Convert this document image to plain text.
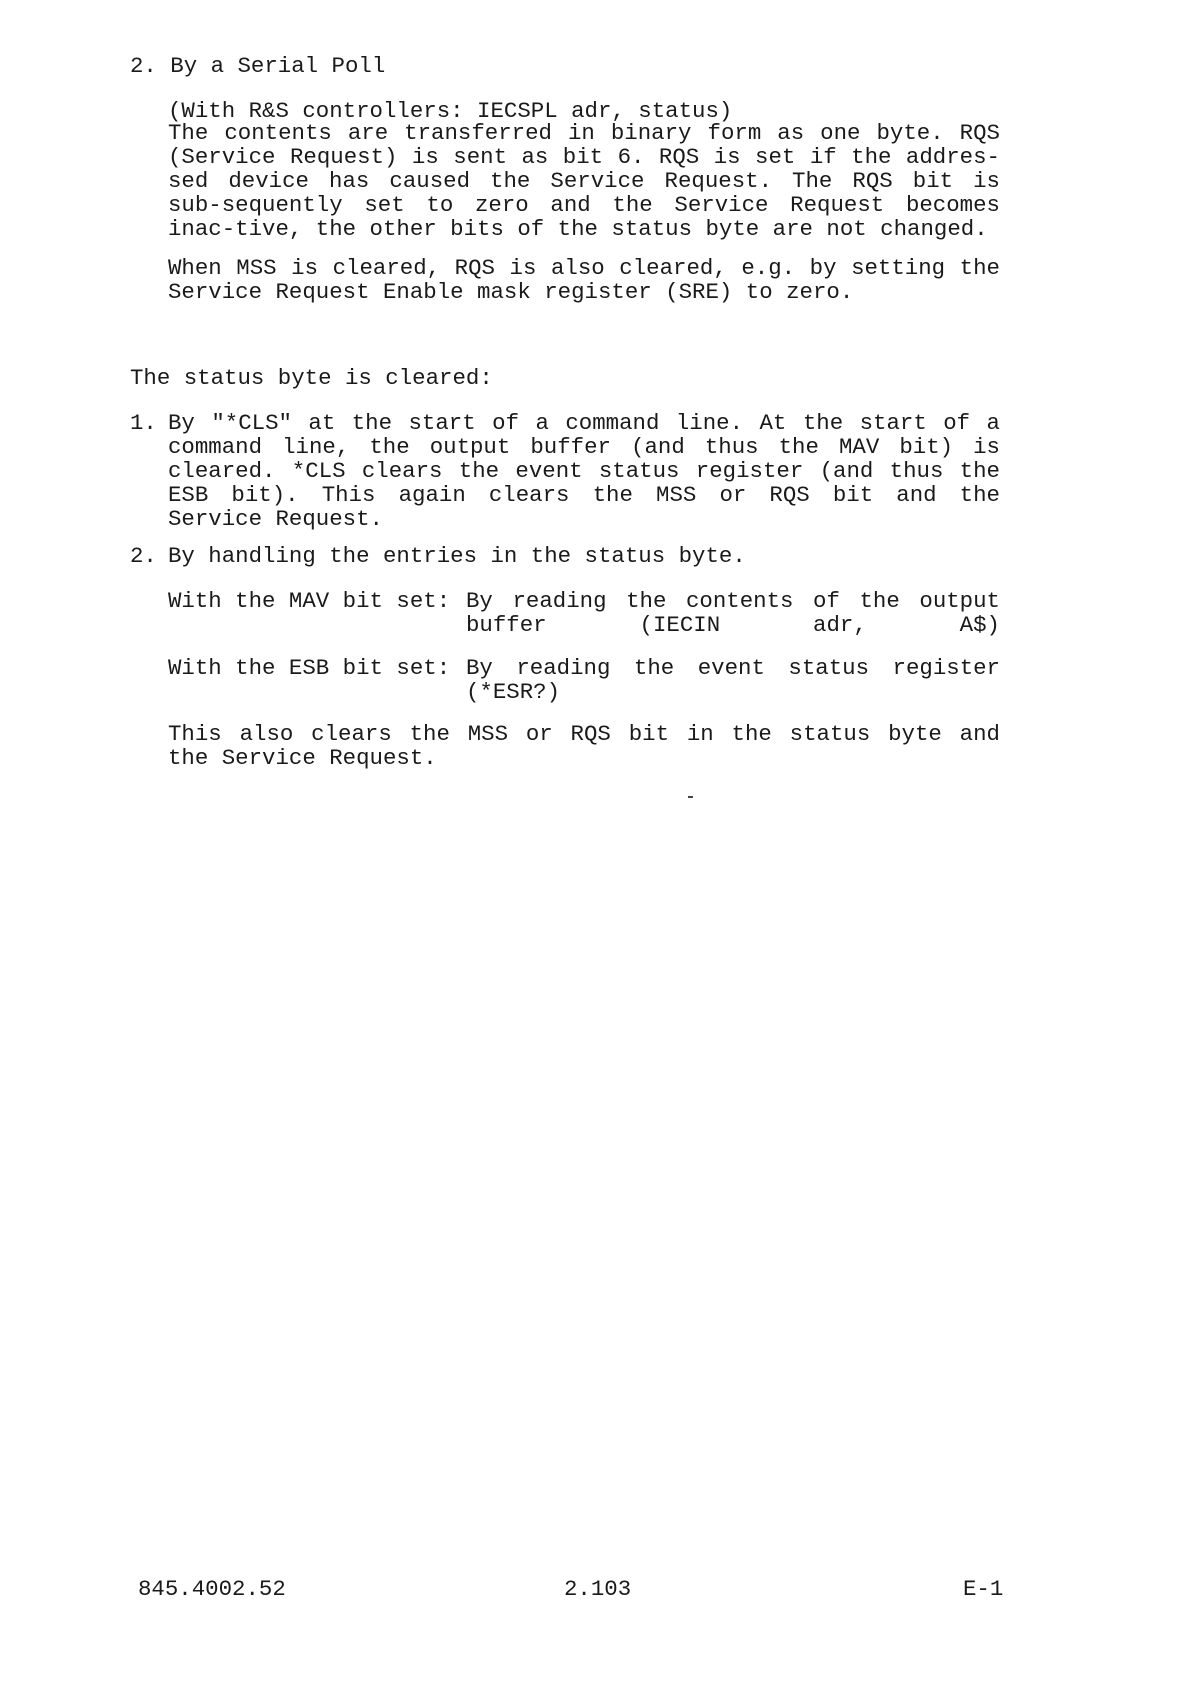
2. By a Serial Poll
(With R&S controllers: IECSPL adr, status)
The contents are transferred in binary form as one byte. RQS (Service Request) is sent as bit 6. RQS is set if the addres-sed device has caused the Service Request. The RQS bit is sub-sequently set to zero and the Service Request becomes inac-tive, the other bits of the status byte are not changed.
When MSS is cleared, RQS is also cleared, e.g. by setting the Service Request Enable mask register (SRE) to zero.
The status byte is cleared:
1. By "*CLS" at the start of a command line. At the start of a command line, the output buffer (and thus the MAV bit) is cleared. *CLS clears the event status register (and thus the ESB bit). This again clears the MSS or RQS bit and the Service Request.
2. By handling the entries in the status byte.
With the MAV bit set: By reading the contents of the output buffer (IECIN adr, A$)
With the ESB bit set: By reading the event status register (*ESR?)
This also clears the MSS or RQS bit in the status byte and the Service Request.
845.4002.52	2.103	E-1
